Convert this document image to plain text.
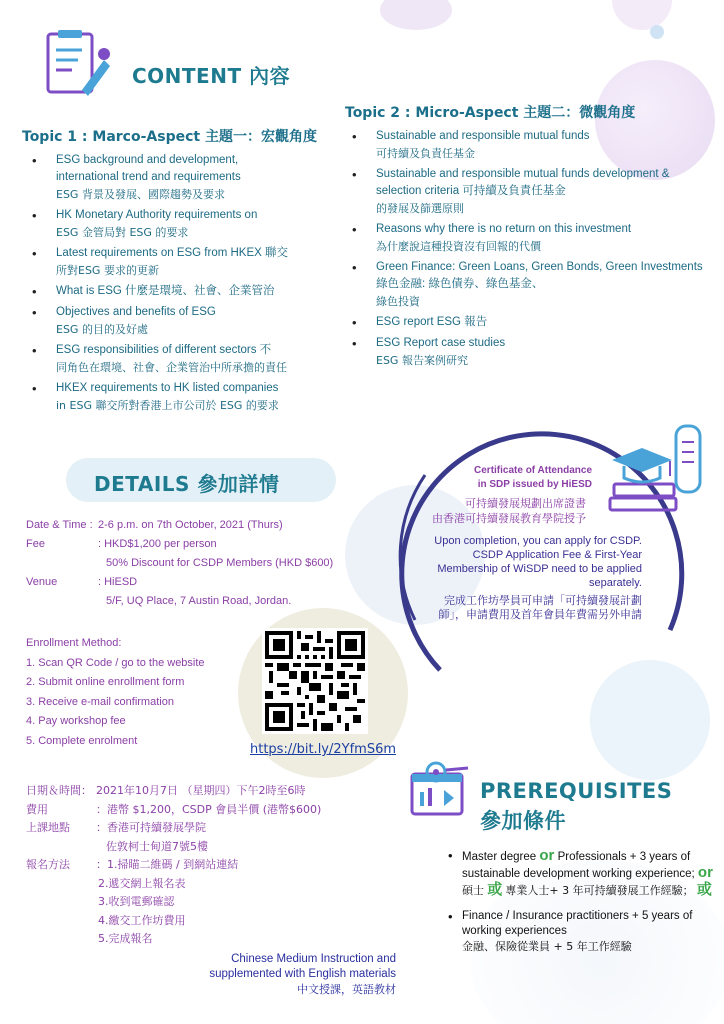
CONTENT 內容
Topic 2 : Micro-Aspect 主題二：微觀角度
• Sustainable and responsible mutual funds
可持續及負責任基金
• Sustainable and responsible mutual funds development & selection criteria 可持續及負責任基金
的發展及篩選原則
• Reasons why there is no return on this investment
為什麼說這種投資沒有回報的代價
• Green Finance: Green Loans, Green Bonds, Green Investments 綠色金融: 綠色債券、綠色基金、
綠色投資
• ESG report ESG 報告
• ESG Report case studies
ESG 報告案例研究
Topic 1 : Marco-Aspect 主題一：宏觀角度
• ESG background and development, international trend and requirements
ESG 背景及發展、國際趨勢及要求
• HK Monetary Authority requirements on
ESG 金管局對 ESG 的要求
• Latest requirements on ESG from HKEX 聯交
所對ESG 要求的更新
• What is ESG 什麼是環境、社會、企業管治
• Objectives and benefits of ESG
ESG 的目的及好處
• ESG responsibilities of different sectors 不
同角色在環境、社會、企業管治中所承擔的責任
• HKEX requirements to HK listed companies
in ESG 聯交所對香港上市公司於 ESG 的要求
DETAILS 參加詳情
Date & Time : 2-6 p.m. on 7th October, 2021 (Thurs)
Fee	: HKD$1,200 per person
50% Discount for CSDP Members (HKD $600)
Venue	: HiESD
5/F, UQ Place, 7 Austin Road, Jordan.
Enrollment Method:
1. Scan QR Code / go to the website
2. Submit online enrollment form
3. Receive e-mail confirmation
4. Pay workshop fee
5. Complete enrolment
https://bit.ly/2YfmS6m
日期＆時間： 2021年10月7日 （星期四）下午2時至6時
費用	：港幣 $1,200，CSDP 會員半價 (港幣$600)
上課地點	：香港可持續發展學院
佐敦柯士甸道7號5樓
報名方法	：1.掃瞄二維碼 / 到網站連結
2.遞交網上報名表
3.收到電郵確認
4.繳交工作坊費用
5.完成報名
Chinese Medium Instruction and
supplemented with English materials
中文授課，英語教材
Certificate of Attendance
in SDP issued by HiESD
可持續發展規劃出席證書
由香港可持續發展教育學院授予
Upon completion, you can apply for CSDP.
CSDP Application Fee & First-Year
Membership of WiSDP need to be applied
separately.
完成工作坊學員可申請「可持續發展計劃
師」，申請費用及首年會員年費需另外申請
PREREQUISITES
參加條件
• Master degree or Professionals + 3 years of sustainable development working experience; or
碩士 或 專業人士+ 3 年可持續發展工作經驗； 或
• Finance / Insurance practitioners + 5 years of working experiences
金融、保險從業員 + 5 年工作經驗
